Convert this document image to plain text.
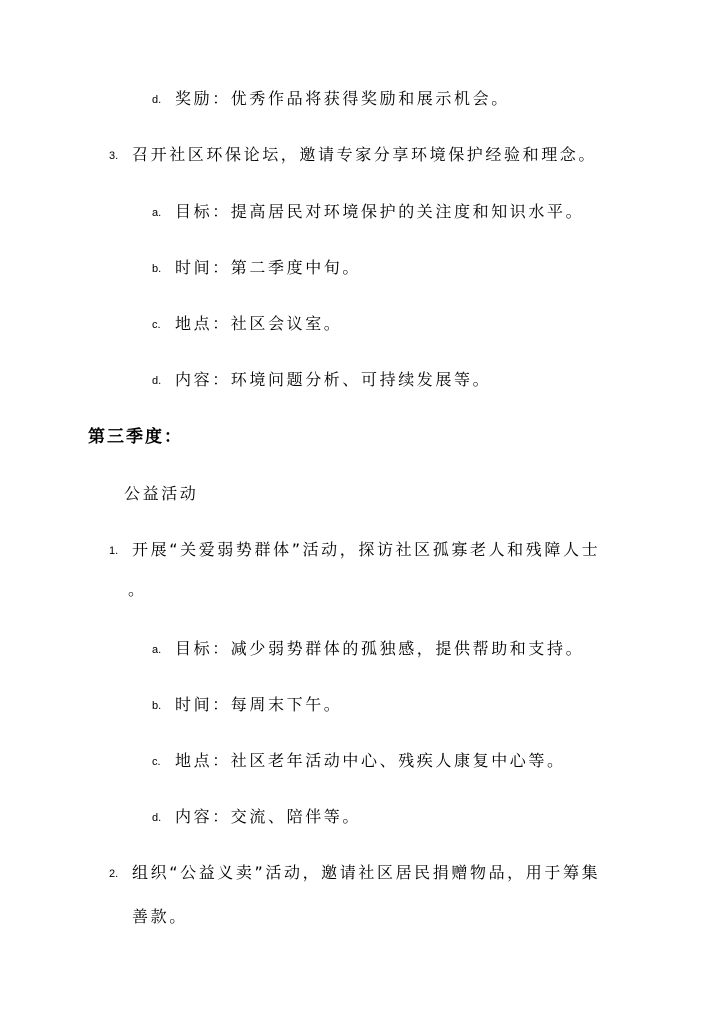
d. 奖励：优秀作品将获得奖励和展示机会。
3. 召开社区环保论坛，邀请专家分享环境保护经验和理念。
a. 目标：提高居民对环境保护的关注度和知识水平。
b. 时间：第二季度中旬。
c. 地点：社区会议室。
d. 内容：环境问题分析、可持续发展等。
第三季度：
公益活动
1. 开展“关爱弱势群体”活动，探访社区孤寡老人和残障人士
。
a. 目标：减少弱势群体的孤独感，提供帮助和支持。
b. 时间：每周末下午。
c. 地点：社区老年活动中心、残疾人康复中心等。
d. 内容：交流、陪伴等。
2. 组织“公益义卖”活动，邀请社区居民捐赠物品，用于筹集
善款。
